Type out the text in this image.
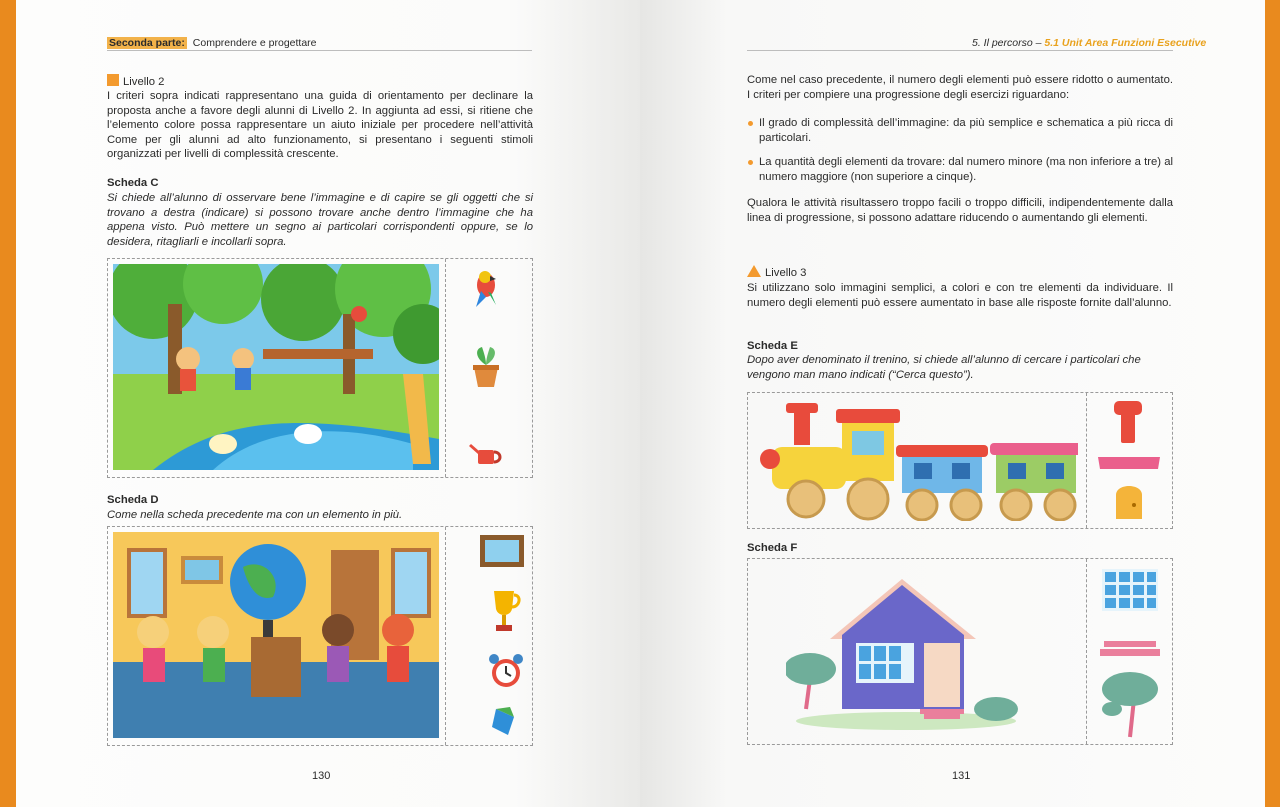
Seconda parte: Comprendere e progettare
Livello 2
I criteri sopra indicati rappresentano una guida di orientamento per declinare la proposta anche a favore degli alunni di Livello 2. In aggiunta ad essi, si ritiene che l’elemento colore possa rappresentare un aiuto iniziale per procedere nell’attività Come per gli alunni ad alto funzionamento, si presentano i seguenti stimoli organizzati per livelli di complessità crescente.
Scheda C
Si chiede all’alunno di osservare bene l’immagine e di capire se gli oggetti che si trovano a destra (indicare) si possono trovare anche dentro l’immagine che ha appena visto. Può mettere un segno ai particolari corrispondenti oppure, se lo desidera, ritagliarli e incollarli sopra.
Scheda D
Come nella scheda precedente ma con un elemento in più.
130
5. Il percorso – 5.1 Unit Area Funzioni Esecutive
Come nel caso precedente, il numero degli elementi può essere ridotto o aumentato. I criteri per compiere una progressione degli esercizi riguardano:
Il grado di complessità dell’immagine: da più semplice e schematica a più ricca di particolari.
La quantità degli elementi da trovare: dal numero minore (ma non inferiore a tre) al numero maggiore (non superiore a cinque).
Qualora le attività risultassero troppo facili o troppo difficili, indipendentemente dalla linea di progressione, si possono adattare riducendo o aumentando gli elementi.
Livello 3
Si utilizzano solo immagini semplici, a colori e con tre elementi da individuare. Il numero degli elementi può essere aumentato in base alle risposte fornite dall’alunno.
Scheda E
Dopo aver denominato il trenino, si chiede all’alunno di cercare i particolari che vengono man mano indicati (“Cerca questo”).
Scheda F
131
